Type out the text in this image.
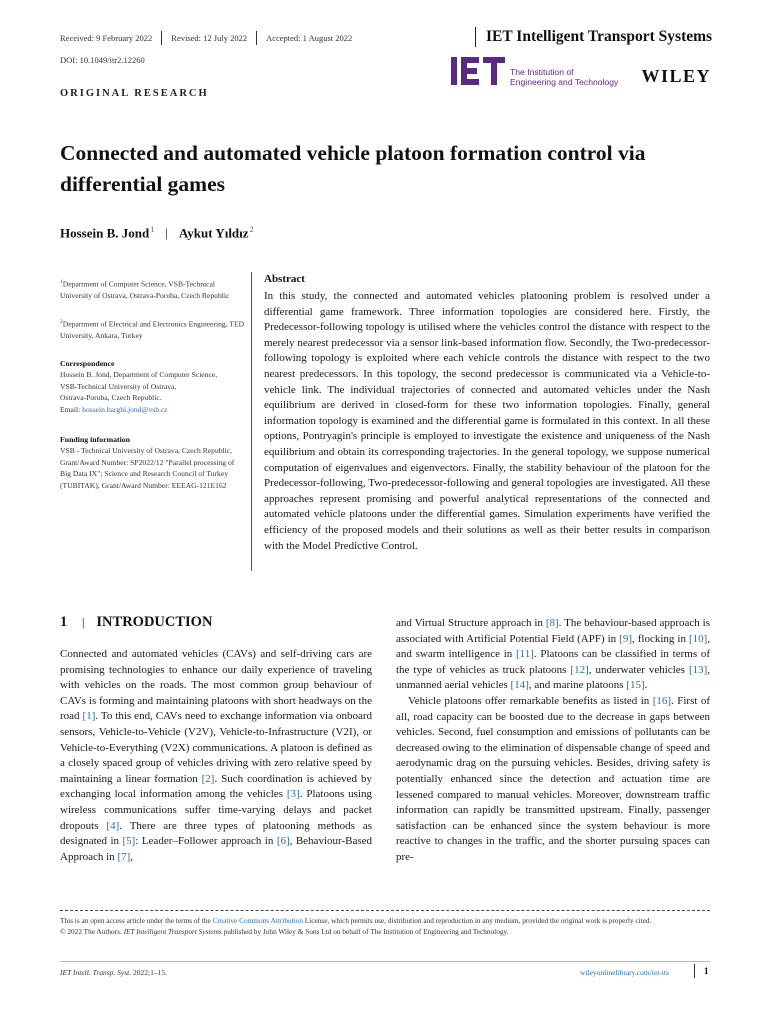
Received: 9 February 2022 Revised: 12 July 2022 Accepted: 1 August 2022
DOI: 10.1049/itr2.12260
IET Intelligent Transport Systems
The Institution of
Engineering and Technology WILEY
ORIGINAL RESEARCH
Connected and automated vehicle platoon formation control via differential games
Hossein B. Jond$^1$ | Aykut Yıldız$^2$
$^1$Department of Computer Science, VSB-Technical University of Ostrava, Ostrava-Poruba, Czech Republic
$^2$Department of Electrical and Electronics Engineering, TED University, Ankara, Turkey
Correspondence
Hossein B. Jond, Department of Computer Science,
VSB-Technical University of Ostrava,
Ostrava-Poruba, Czech Republic.
Email: hossein.barghi.jond@vsb.cz
Funding information
VSB - Technical University of Ostrava, Czech Republic, Grant/Award Number: SP2022/12 "Parallel processing of Big Data IX"; Science and Research Council of Turkey (TUBITAK), Grant/Award Number: EEEAG-121E162
Abstract
In this study, the connected and automated vehicles platooning problem is resolved under a differential game framework. Three information topologies are considered here. Firstly, the Predecessor-following topology is utilised where the vehicles control the distance with respect to the merely nearest predecessor via a sensor link-based information flow. Secondly, the Two-predecessor-following topology is exploited where each vehicle controls the distance with respect to the two nearest predecessors. In this topology, the second predecessor is communicated via a Vehicle-to-vehicle link. The individual trajectories of connected and automated vehicles under the Nash equilibrium are derived in closed-form for these two information topologies. Finally, general information topology is examined and the differential game is formulated in this context. In all these options, Pontryagin's principle is employed to investigate the existence and uniqueness of the Nash equilibrium and obtain its corresponding trajectories. In the general topology, we suppose numerical computation of eigenvalues and eigenvectors. Finally, the stability behaviour of the platoon for the Predecessor-following, Two-predecessor-following and general topologies are investigated. All these approaches represent promising and powerful analytical representations of the connected and automated vehicle platoons under the differential games. Simulation experiments have verified the efficiency of the proposed models and their solutions as well as their better results in comparison with the Model Predictive Control.
1	| INTRODUCTION

Connected and automated vehicles (CAVs) and self-driving cars are promising technologies to enhance our daily experience of traveling with vehicles on the roads. The most common group behaviour of CAVs is forming and maintaining platoons with short headways on the road [1]. To this end, CAVs need to exchange information via onboard sensors, Vehicle-to-Vehicle (V2V), Vehicle-to-Infrastructure (V2I), or Vehicle-to-Everything (V2X) communications. A platoon is defined as a closely spaced group of vehicles driving with zero relative speed by maintaining a linear formation [2]. Such coordination is achieved by exchanging local information among the vehicles [3]. Platoons using wireless communications suffer time-varying delays and packet dropouts [4]. There are three types of platooning methods as designated in [5]: Leader–Follower approach in [6], Behaviour-Based Approach in [7],

and Virtual Structure approach in [8]. The behaviour-based approach is associated with Artificial Potential Field (APF) in [9], flocking in [10], and swarm intelligence in [11]. Platoons can be classified in terms of the type of vehicles as truck platoons [12], underwater vehicles [13], unmanned aerial vehicles [14], and marine platoons [15].

Vehicle platoons offer remarkable benefits as listed in [16]. First of all, road capacity can be boosted due to the decrease in gaps between vehicles. Second, fuel consumption and emissions of pollutants can be decreased owing to the elimination of dispensable change of speed and aerodynamic drag on the pursuing vehicles. Besides, driving safety is potentially enhanced since the detection and actuation time are lessened compared to manual vehicles. Moreover, downstream traffic information can rapidly be transmitted upstream. Finally, passenger satisfaction can be enhanced since the system behaviour is more reactive to changes in the traffic, and the shorter pursuing spaces can pre-

This is an open access article under the terms of the Creative Commons Attribution License, which permits use, distribution and reproduction in any medium, provided the original work is properly cited.
© 2022 The Authors. IET Intelligent Transport Systems published by John Wiley & Sons Ltd on behalf of The Institution of Engineering and Technology.
IET Intell. Transp. Syst. 2022;1–15.	wileyonlinelibrary.com/iet-its	1
